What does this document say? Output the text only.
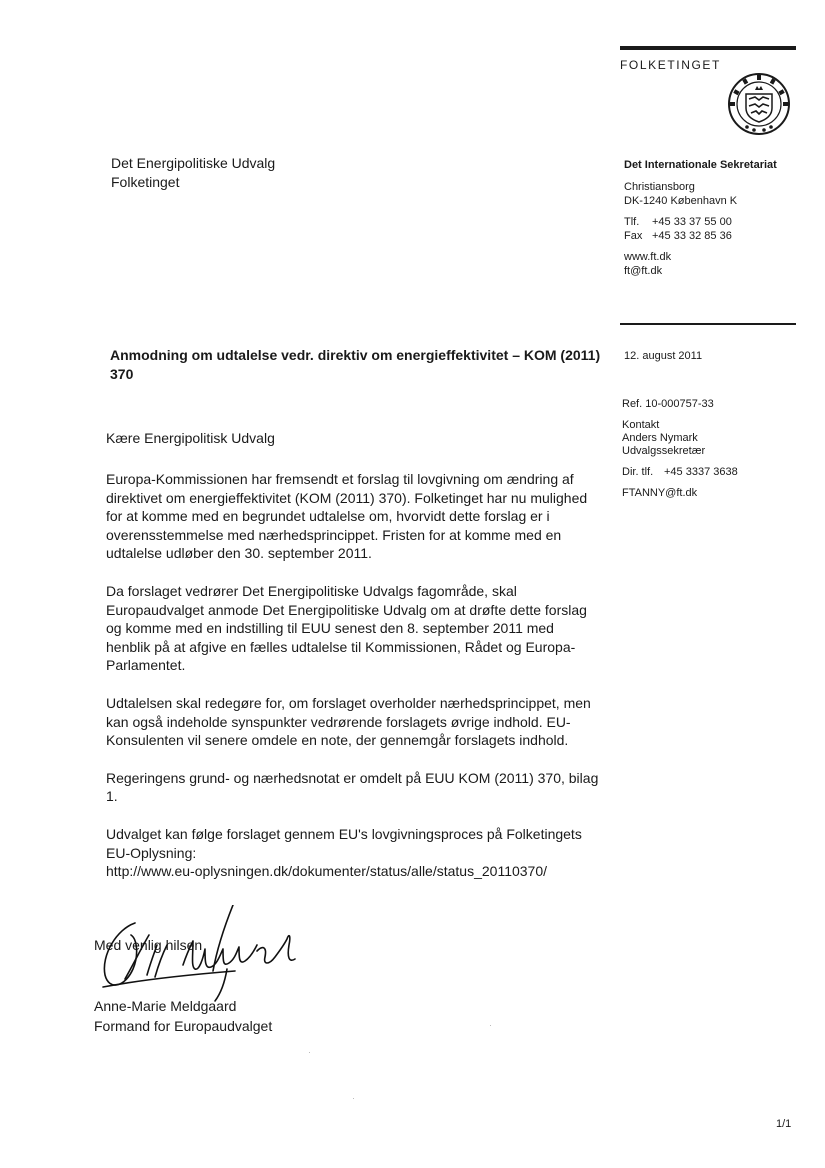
FOLKETINGET
Det Internationale Sekretariat
Christiansborg
DK-1240 København K
Tlf. +45 33 37 55 00
Fax +45 33 32 85 36
www.ft.dk
ft@ft.dk
Det Energipolitiske Udvalg
Folketinget
12. august 2011
Ref. 10-000757-33
Kontakt
Anders Nymark
Udvalgssekretær
Dir. tlf. +45 3337 3638
FTANNY@ft.dk
Anmodning om udtalelse vedr. direktiv om energieffektivitet – KOM (2011) 370
Kære Energipolitisk Udvalg

Europa-Kommissionen har fremsendt et forslag til lovgivning om ændring af direktivet om energieffektivitet (KOM (2011) 370). Folketinget har nu mulighed for at komme med en begrundet udtalelse om, hvorvidt dette forslag er i overensstemmelse med nærhedsprincippet. Fristen for at komme med en udtalelse udløber den 30. september 2011.

Da forslaget vedrører Det Energipolitiske Udvalgs fagområde, skal Europaudvalget anmode Det Energipolitiske Udvalg om at drøfte dette forslag og komme med en indstilling til EUU senest den 8. september 2011 med henblik på at afgive en fælles udtalelse til Kommissionen, Rådet og Europa-Parlamentet.

Udtalelsen skal redegøre for, om forslaget overholder nærhedsprincippet, men kan også indeholde synspunkter vedrørende forslagets øvrige indhold. EU-Konsulenten vil senere omdele en note, der gennemgår forslagets indhold.

Regeringens grund- og nærhedsnotat er omdelt på EUU KOM (2011) 370, bilag 1.

Udvalget kan følge forslaget gennem EU's lovgivningsproces på Folketingets
EU-Oplysning:
http://www.eu-oplysningen.dk/dokumenter/status/alle/status_20110370/
Med venlig hilsen
Anne-Marie Meldgaard
Formand for Europaudvalget
1/1
